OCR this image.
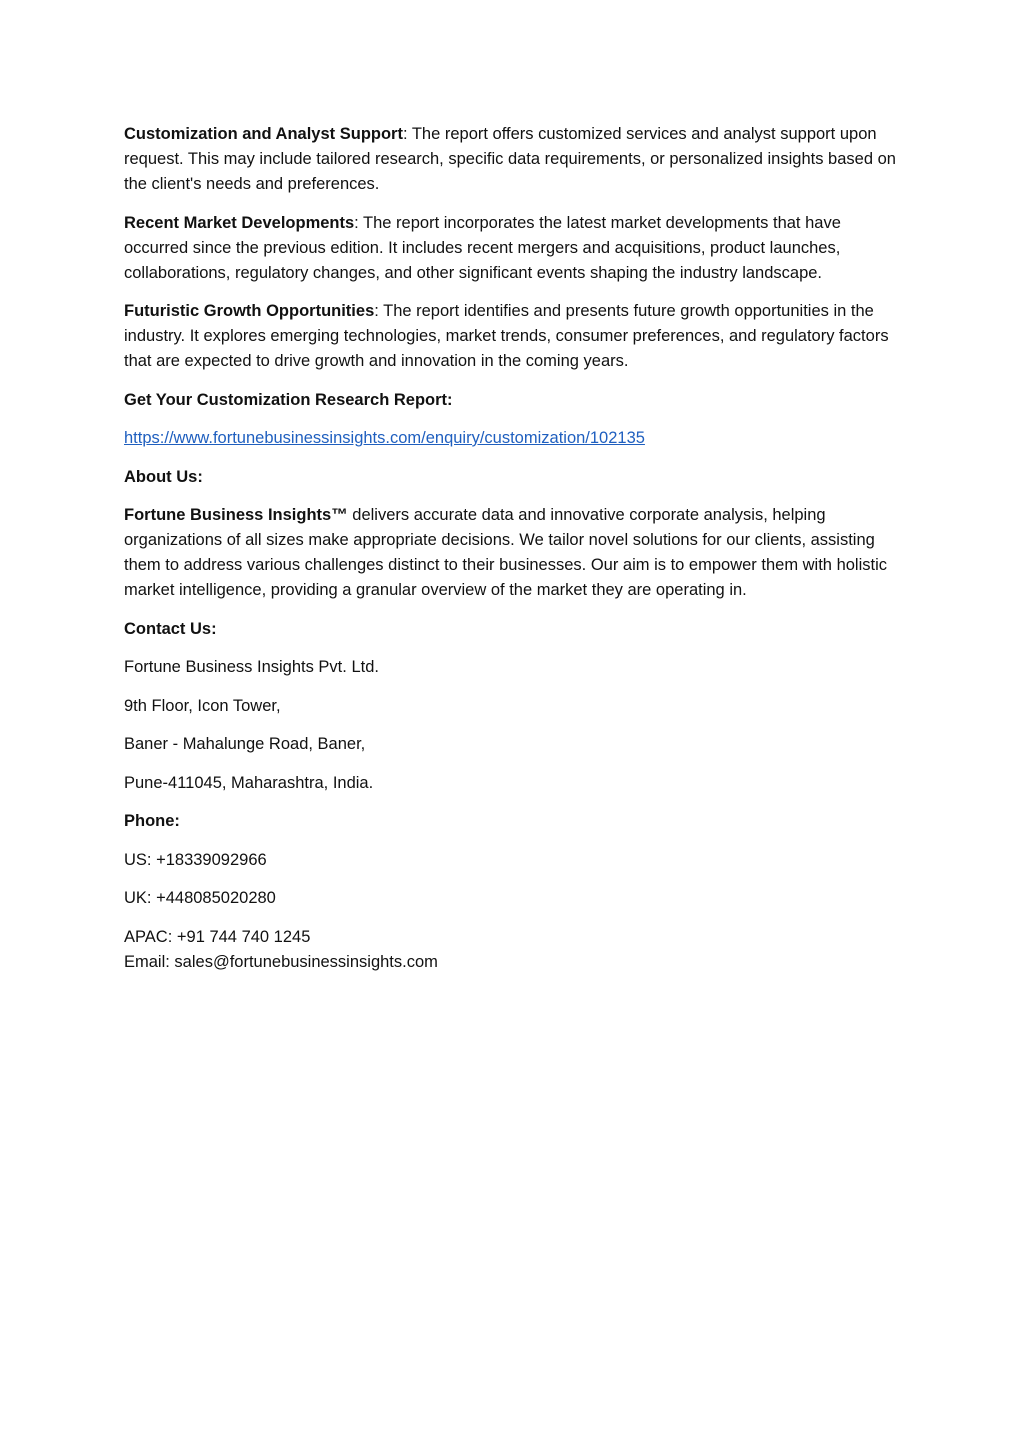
Customization and Analyst Support: The report offers customized services and analyst support upon request. This may include tailored research, specific data requirements, or personalized insights based on the client's needs and preferences.

Recent Market Developments: The report incorporates the latest market developments that have occurred since the previous edition. It includes recent mergers and acquisitions, product launches, collaborations, regulatory changes, and other significant events shaping the industry landscape.

Futuristic Growth Opportunities: The report identifies and presents future growth opportunities in the industry. It explores emerging technologies, market trends, consumer preferences, and regulatory factors that are expected to drive growth and innovation in the coming years.

Get Your Customization Research Report:

https://www.fortunebusinessinsights.com/enquiry/customization/102135

About Us:

Fortune Business Insights™ delivers accurate data and innovative corporate analysis, helping organizations of all sizes make appropriate decisions. We tailor novel solutions for our clients, assisting them to address various challenges distinct to their businesses. Our aim is to empower them with holistic market intelligence, providing a granular overview of the market they are operating in.

Contact Us:

Fortune Business Insights Pvt. Ltd.

9th Floor, Icon Tower,

Baner - Mahalunge Road, Baner,

Pune-411045, Maharashtra, India.

Phone:

US: +18339092966

UK: +448085020280

APAC: +91 744 740 1245

Email: sales@fortunebusinessinsights.com
